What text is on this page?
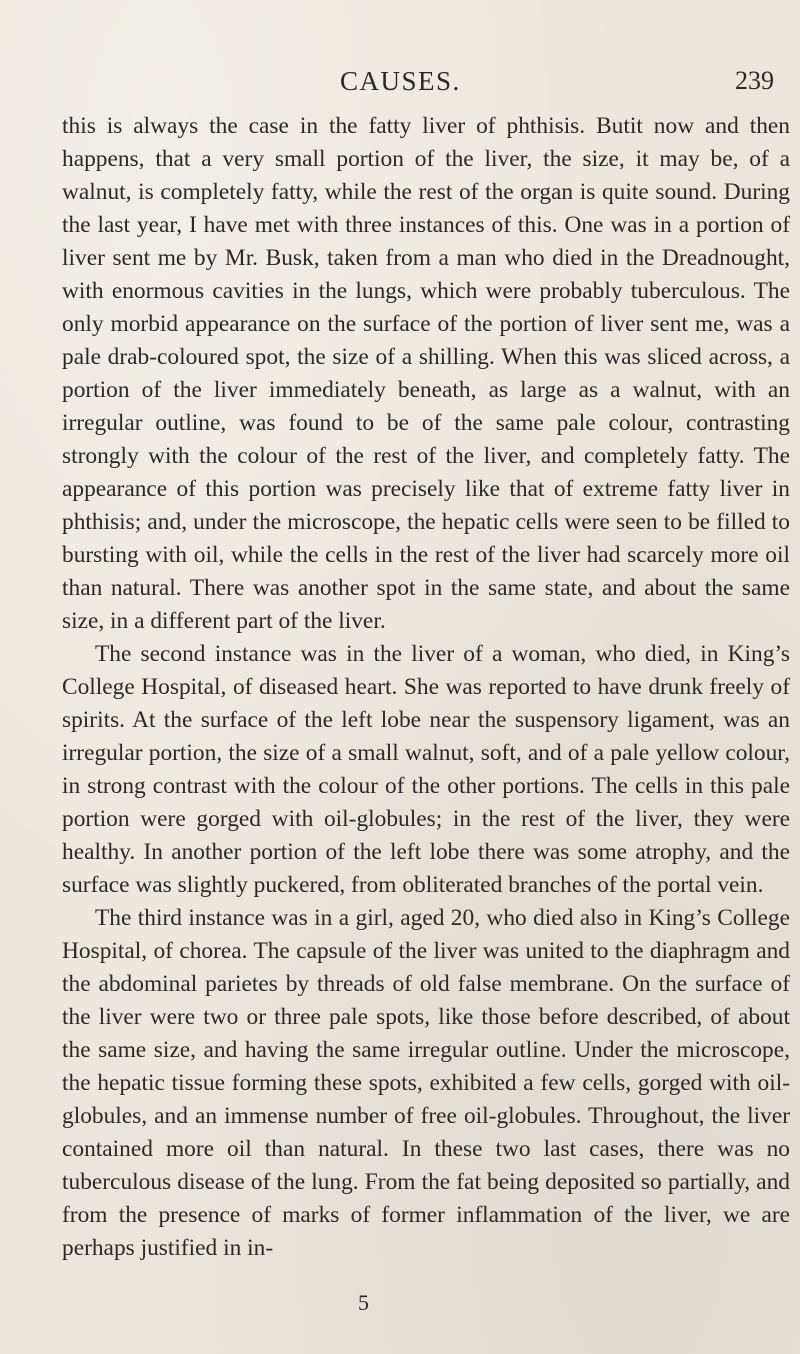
CAUSES.	239

this is always the case in the fatty liver of phthisis. Butit now and then happens, that a very small portion of the liver, the size, it may be, of a walnut, is completely fatty, while the rest of the organ is quite sound. During the last year, I have met with three instances of this. One was in a portion of liver sent me by Mr. Busk, taken from a man who died in the Dreadnought, with enormous cavities in the lungs, which were probably tuberculous. The only morbid appearance on the surface of the portion of liver sent me, was a pale drab-coloured spot, the size of a shilling. When this was sliced across, a portion of the liver immediately beneath, as large as a walnut, with an irregular outline, was found to be of the same pale colour, contrasting strongly with the colour of the rest of the liver, and completely fatty. The appearance of this portion was precisely like that of extreme fatty liver in phthisis; and, under the microscope, the hepatic cells were seen to be filled to bursting with oil, while the cells in the rest of the liver had scarcely more oil than natural. There was another spot in the same state, and about the same size, in a different part of the liver.

The second instance was in the liver of a woman, who died, in King’s College Hospital, of diseased heart. She was reported to have drunk freely of spirits. At the surface of the left lobe near the suspensory ligament, was an irregular portion, the size of a small walnut, soft, and of a pale yellow colour, in strong contrast with the colour of the other portions. The cells in this pale portion were gorged with oil-globules; in the rest of the liver, they were healthy. In another portion of the left lobe there was some atrophy, and the surface was slightly puckered, from obliterated branches of the portal vein.

The third instance was in a girl, aged 20, who died also in King’s College Hospital, of chorea. The capsule of the liver was united to the diaphragm and the abdominal parietes by threads of old false membrane. On the surface of the liver were two or three pale spots, like those before described, of about the same size, and having the same irregular outline. Under the microscope, the hepatic tissue forming these spots, exhibited a few cells, gorged with oil-globules, and an immense number of free oil-globules. Throughout, the liver contained more oil than natural. In these two last cases, there was no tuberculous disease of the lung. From the fat being deposited so partially, and from the presence of marks of former inflammation of the liver, we are perhaps justified in in-

5
